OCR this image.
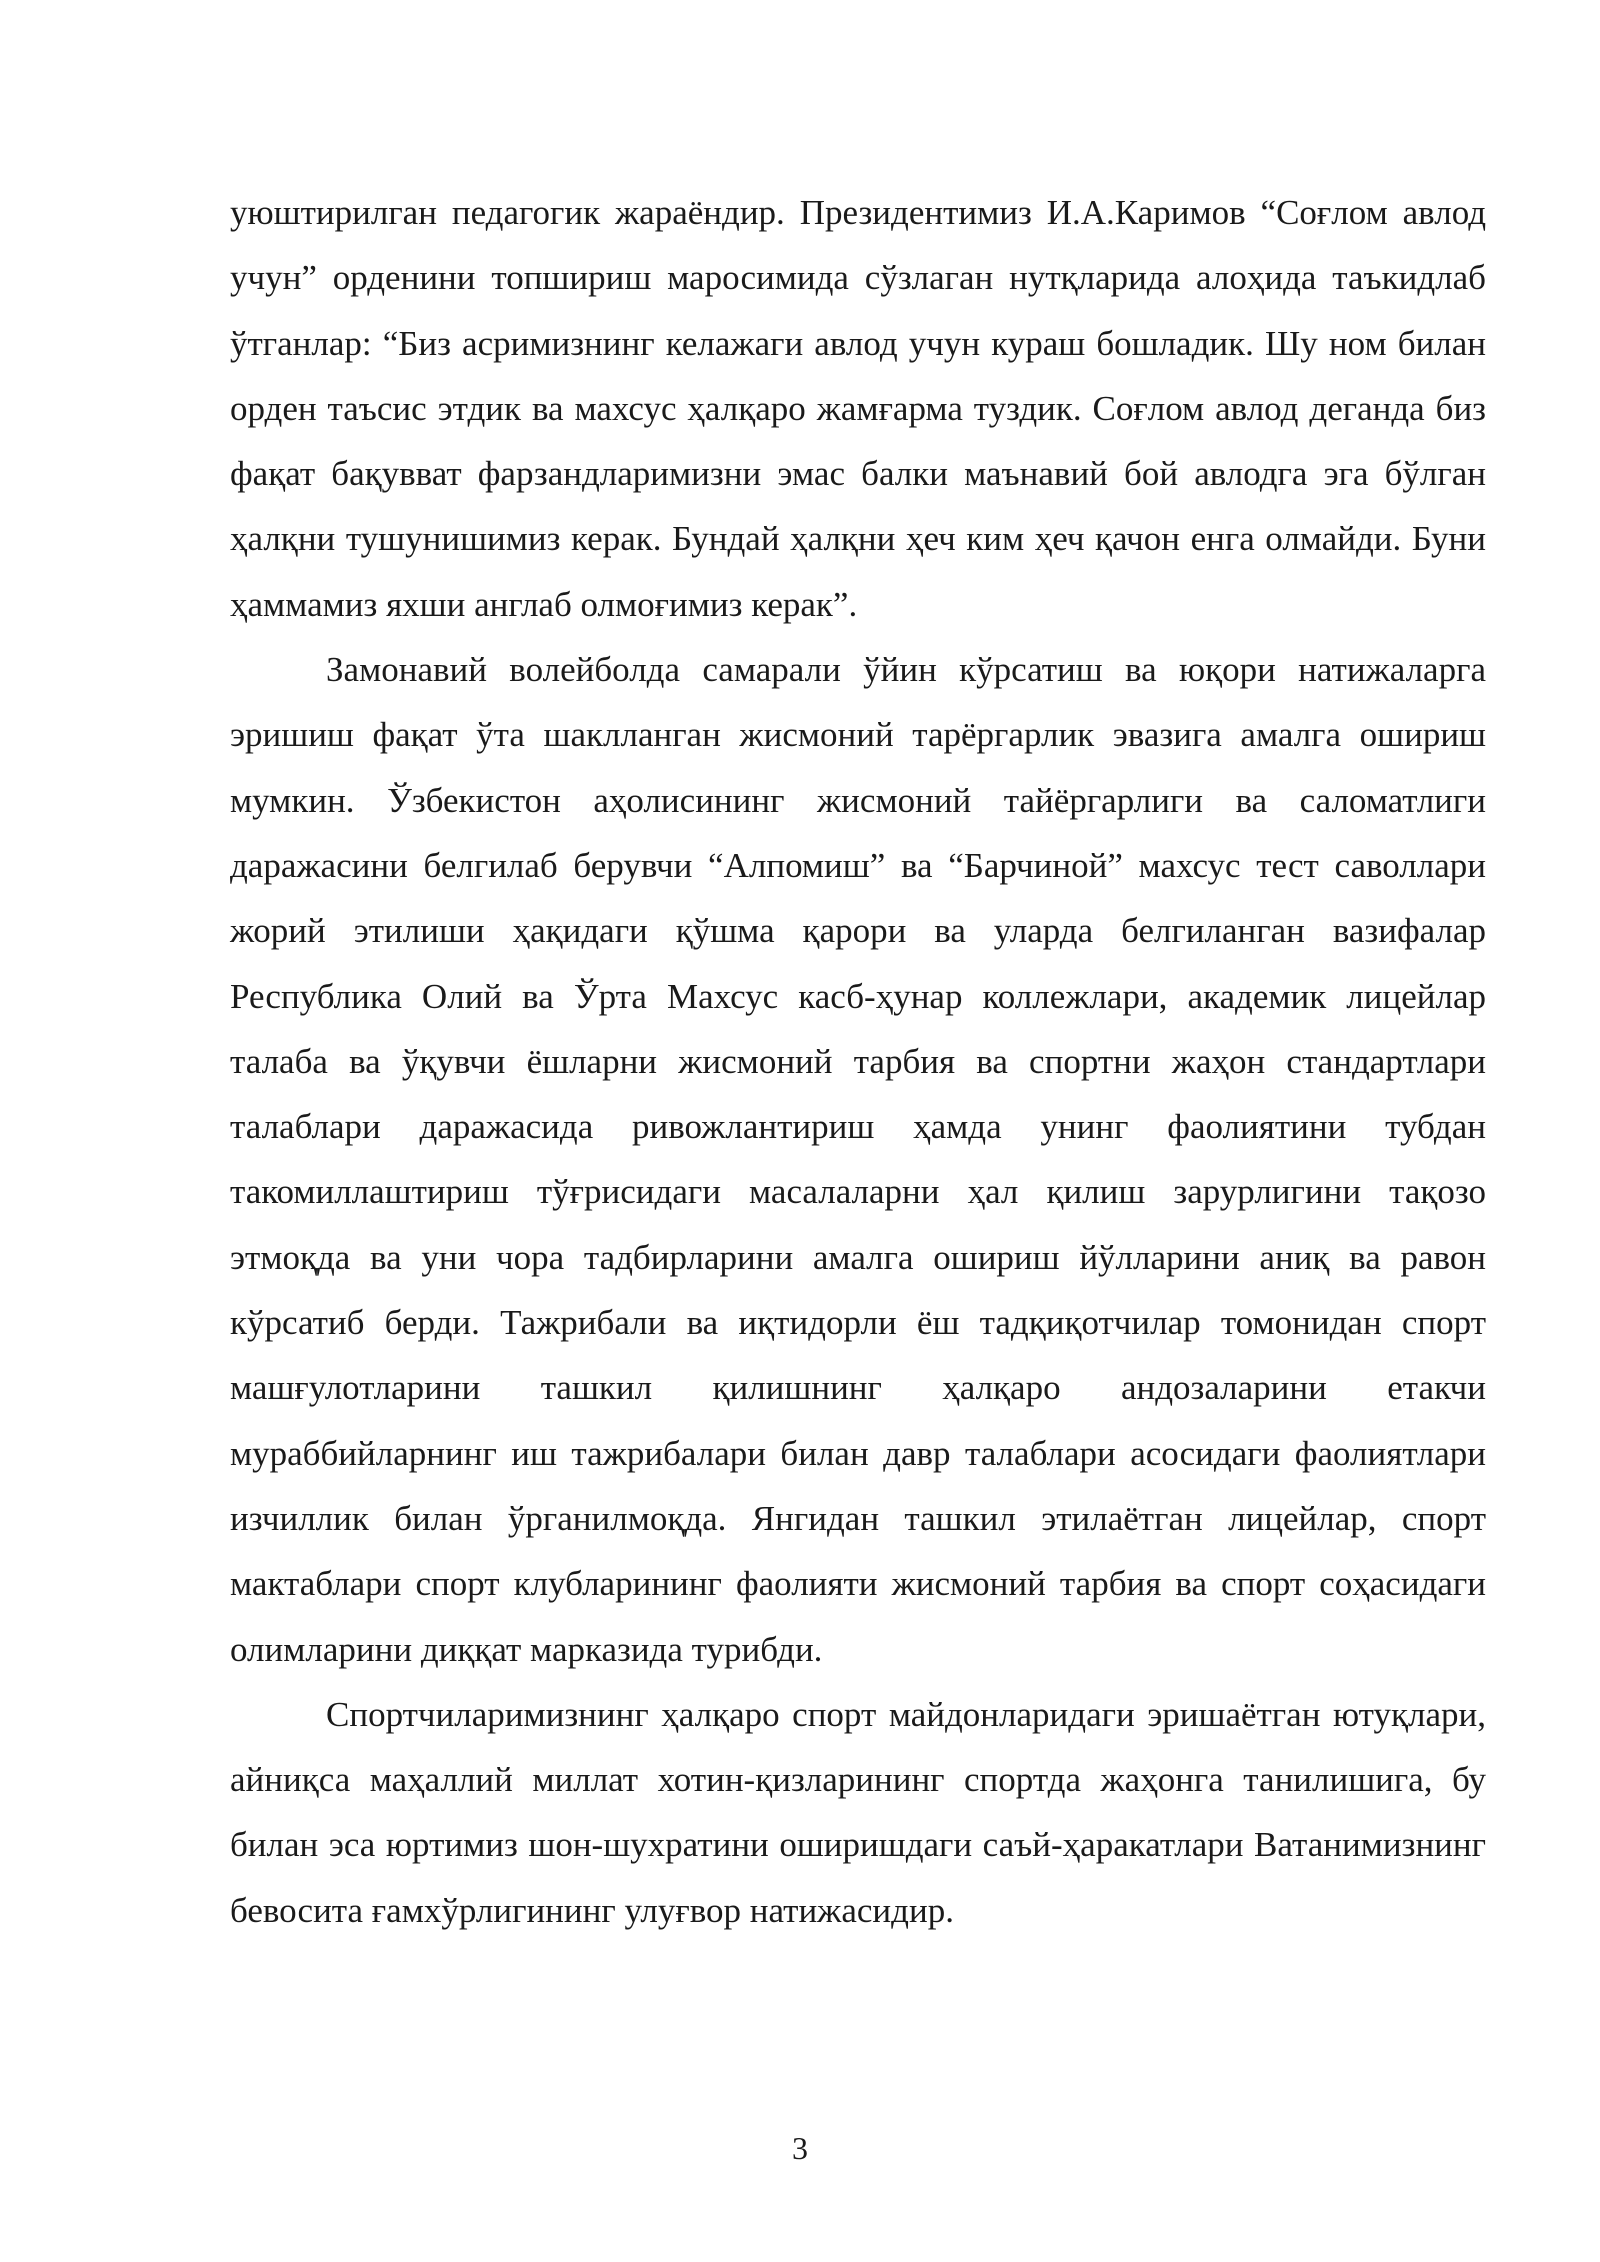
уюштирилган педагогик жараёндир. Президентимиз И.А.Каримов “Соғлом авлод учун” орденини топшириш маросимида сўзлаган нутқларида алоҳида таъкидлаб ўтганлар: “Биз асримизнинг келажаги авлод учун кураш бошладик. Шу ном билан орден таъсис этдик ва махсус ҳалқаро жамғарма туздик. Соғлом авлод деганда биз фақат бақувват фарзандларимизни эмас балки маънавий бой авлодга эга бўлган ҳалқни тушунишимиз керак. Бундай ҳалқни ҳеч ким ҳеч қачон енга олмайди. Буни ҳаммамиз яхши англаб олмоғимиз керак”.

Замонавий волейболда самарали ўйин кўрсатиш ва юқори натижаларга эришиш фақат ўта шаклланган жисмоний тарёргарлик эвазига амалга ошириш мумкин. Ўзбекистон аҳолисининг жисмоний тайёргарлиги ва саломатлиги даражасини белгилаб берувчи “Алпомиш” ва “Барчиной” махсус тест саволлари жорий этилиши ҳақидаги қўшма қарори ва уларда белгиланган вазифалар Республика Олий ва Ўрта Махсус касб-ҳунар коллежлари, академик лицейлар талаба ва ўқувчи ёшларни жисмоний тарбия ва спортни жаҳон стандартлари талаблари даражасида ривожлантириш ҳамда унинг фаолиятини тубдан такомиллаштириш тўғрисидаги масалаларни ҳал қилиш зарурлигини тақозо этмоқда ва уни чора тадбирларини амалга ошириш йўлларини аниқ ва равон кўрсатиб берди. Тажрибали ва иқтидорли ёш тадқиқотчилар томонидан спорт машғулотларини ташкил қилишнинг ҳалқаро андозаларини етакчи мураббийларнинг иш тажрибалари билан давр талаблари асосидаги фаолиятлари изчиллик билан ўрганилмоқда. Янгидан ташкил этилаётган лицейлар, спорт мактаблари спорт клубларининг фаолияти жисмоний тарбия ва спорт соҳасидаги олимларини диққат марказида турибди.

Спортчиларимизнинг ҳалқаро спорт майдонларидаги эришаётган ютуқлари, айниқса маҳаллий миллат хотин-қизларининг спортда жаҳонга танилишига, бу билан эса юртимиз шон-шухратини оширишдаги саъй-ҳаракатлари Ватанимизнинг бевосита ғамхўрлигининг улуғвор натижасидир.

3
